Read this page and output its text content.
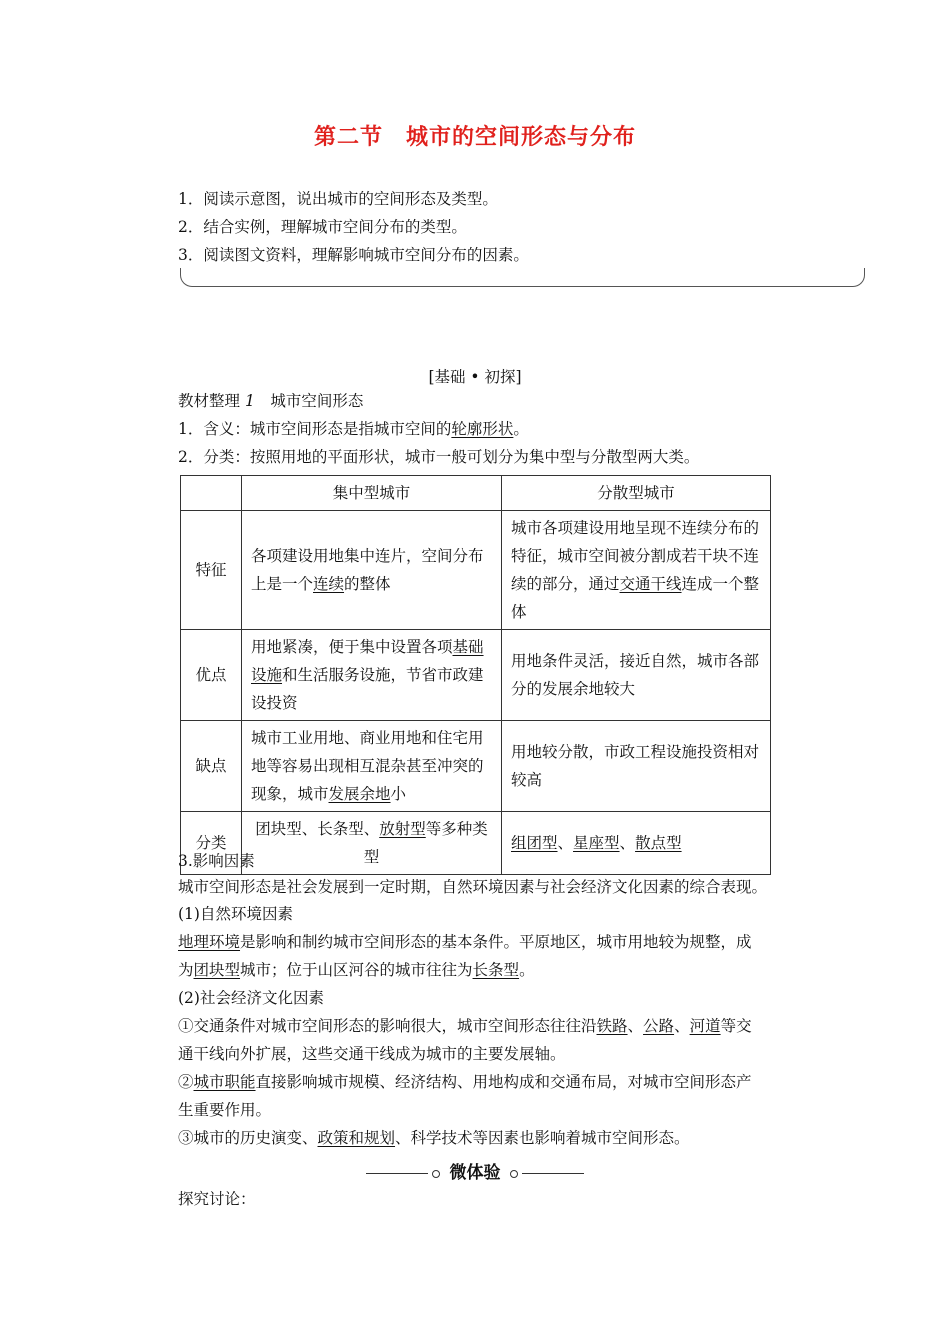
第二节　城市的空间形态与分布
1．阅读示意图，说出城市的空间形态及类型。
2．结合实例，理解城市空间分布的类型。
3．阅读图文资料，理解影响城市空间分布的因素。
[基础 • 初探]
教材整理 1　城市空间形态
1．含义：城市空间形态是指城市空间的轮廓形状。
2．分类：按照用地的平面形状，城市一般可划分为集中型与分散型两大类。
	集中型城市	分散型城市
特征	各项建设用地集中连片，空间分布上是一个连续的整体	城市各项建设用地呈现不连续分布的特征，城市空间被分割成若干块不连续的部分，通过交通干线连成一个整体
优点	用地紧凑，便于集中设置各项基础设施和生活服务设施，节省市政建设投资	用地条件灵活，接近自然，城市各部分的发展余地较大
缺点	城市工业用地、商业用地和住宅用地等容易出现相互混杂甚至冲突的现象，城市发展余地小	用地较分散，市政工程设施投资相对较高
分类	团块型、长条型、放射型等多种类型	组团型、星座型、散点型
3.影响因素
城市空间形态是社会发展到一定时期，自然环境因素与社会经济文化因素的综合表现。
(1)自然环境因素
地理环境是影响和制约城市空间形态的基本条件。平原地区，城市用地较为规整，成
为团块型城市；位于山区河谷的城市往往为长条型。
(2)社会经济文化因素
①交通条件对城市空间形态的影响很大，城市空间形态往往沿铁路、公路、河道等交
通干线向外扩展，这些交通干线成为城市的主要发展轴。
②城市职能直接影响城市规模、经济结构、用地构成和交通布局，对城市空间形态产
生重要作用。
③城市的历史演变、政策和规划、科学技术等因素也影响着城市空间形态。
微体验
探究讨论：
